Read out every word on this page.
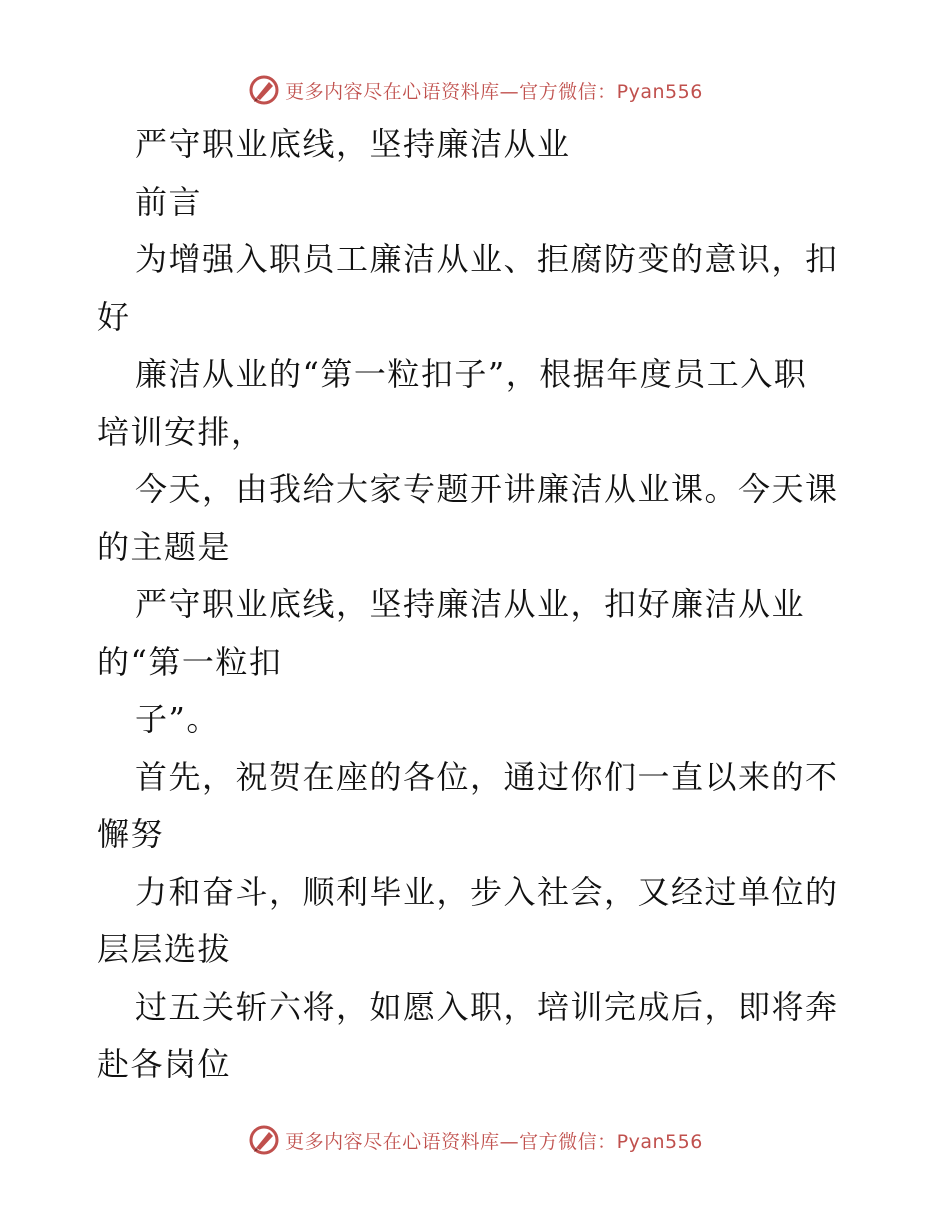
更多内容尽在心语资料库—官方微信：Pyan556
严守职业底线，坚持廉洁从业
前言
为增强入职员工廉洁从业、拒腐防变的意识，扣
好
廉洁从业的“第一粒扣子”，根据年度员工入职
培训安排，
今天，由我给大家专题开讲廉洁从业课。今天课
的主题是
严守职业底线，坚持廉洁从业，扣好廉洁从业
的“第一粒扣
子”。
首先，祝贺在座的各位，通过你们一直以来的不
懈努
力和奋斗，顺利毕业，步入社会，又经过单位的
层层选拔
过五关斩六将，如愿入职，培训完成后，即将奔
赴各岗位
更多内容尽在心语资料库—官方微信：Pyan556
